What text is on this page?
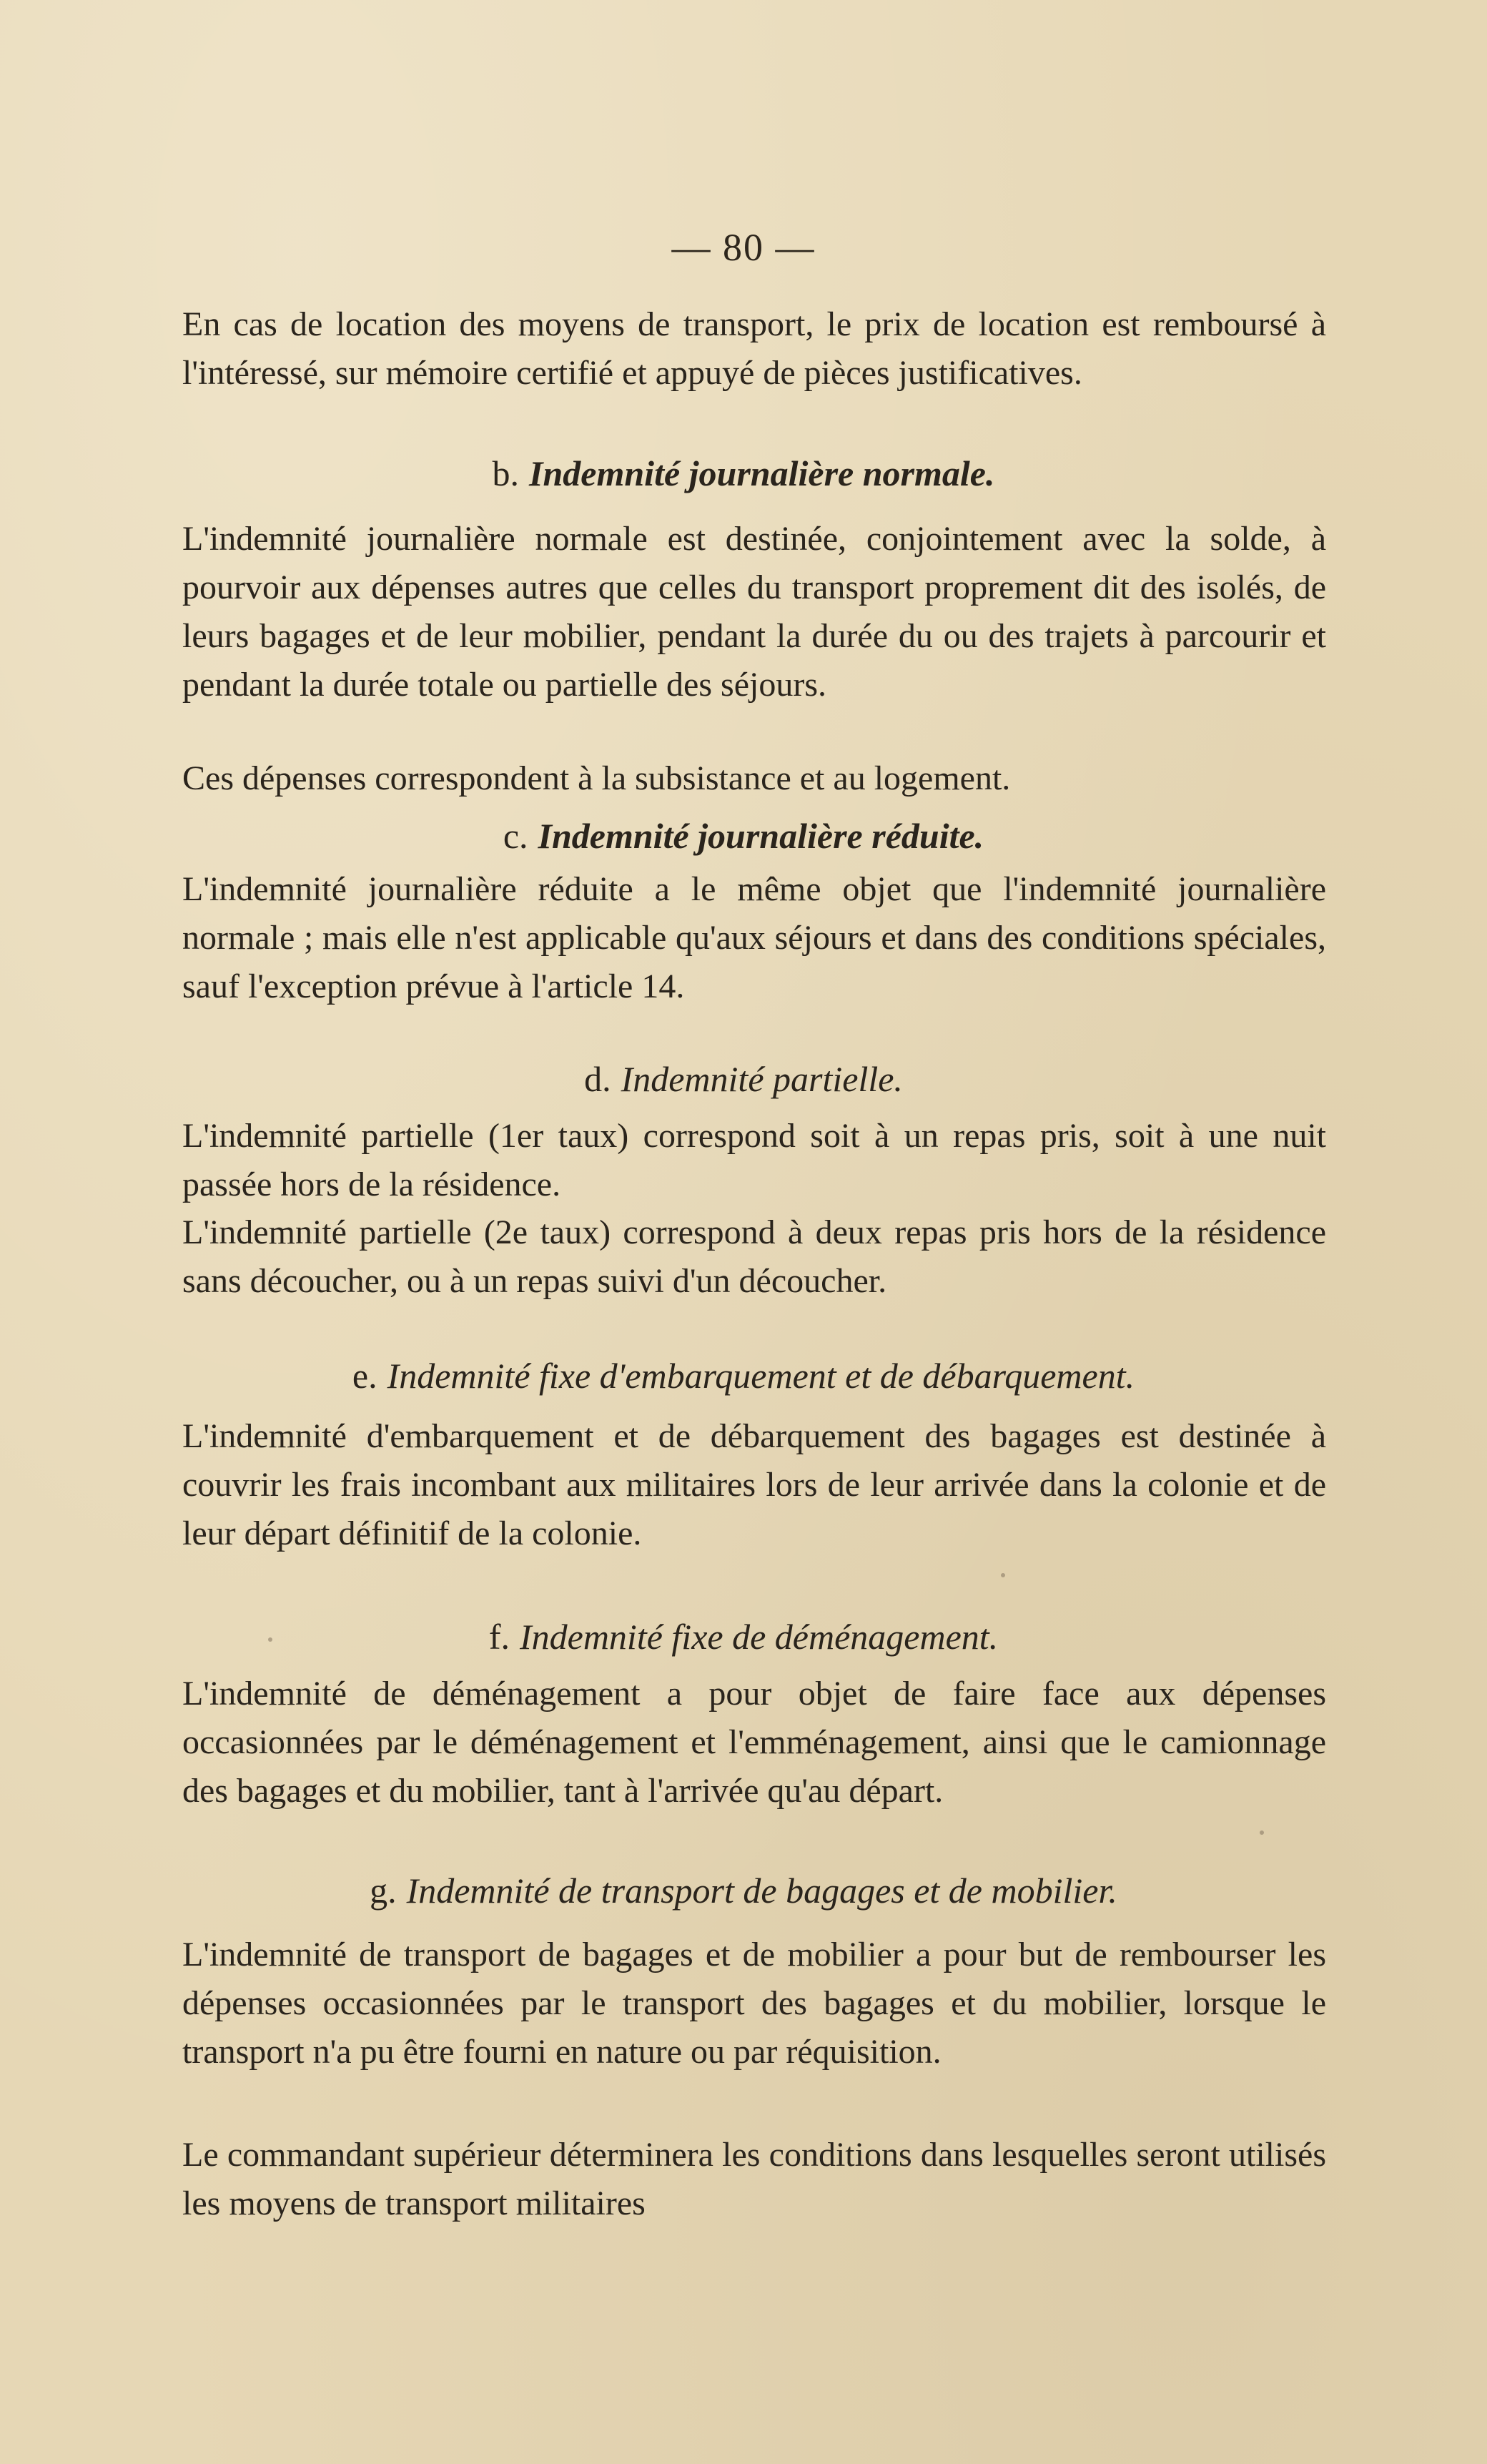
— 80 —

En cas de location des moyens de transport, le prix de location est remboursé à l'intéressé, sur mémoire certifié et appuyé de pièces justificatives.

b. Indemnité journalière normale.

L'indemnité journalière normale est destinée, conjointement avec la solde, à pourvoir aux dépenses autres que celles du transport proprement dit des isolés, de leurs bagages et de leur mobilier, pendant la durée du ou des trajets à parcourir et pendant la durée totale ou partielle des séjours.

Ces dépenses correspondent à la subsistance et au logement.

c. Indemnité journalière réduite.

L'indemnité journalière réduite a le même objet que l'indemnité journalière normale ; mais elle n'est applicable qu'aux séjours et dans des conditions spéciales, sauf l'exception prévue à l'article 14.

d. Indemnité partielle.

L'indemnité partielle (1er taux) correspond soit à un repas pris, soit à une nuit passée hors de la résidence.

L'indemnité partielle (2e taux) correspond à deux repas pris hors de la résidence sans découcher, ou à un repas suivi d'un découcher.

e. Indemnité fixe d'embarquement et de débarquement.

L'indemnité d'embarquement et de débarquement des bagages est destinée à couvrir les frais incombant aux militaires lors de leur arrivée dans la colonie et de leur départ définitif de la colonie.

f. Indemnité fixe de déménagement.

L'indemnité de déménagement a pour objet de faire face aux dépenses occasionnées par le déménagement et l'emménagement, ainsi que le camionnage des bagages et du mobilier, tant à l'arrivée qu'au départ.

g. Indemnité de transport de bagages et de mobilier.

L'indemnité de transport de bagages et de mobilier a pour but de rembourser les dépenses occasionnées par le transport des bagages et du mobilier, lorsque le transport n'a pu être fourni en nature ou par réquisition.

Le commandant supérieur déterminera les conditions dans lesquelles seront utilisés les moyens de transport militaires
